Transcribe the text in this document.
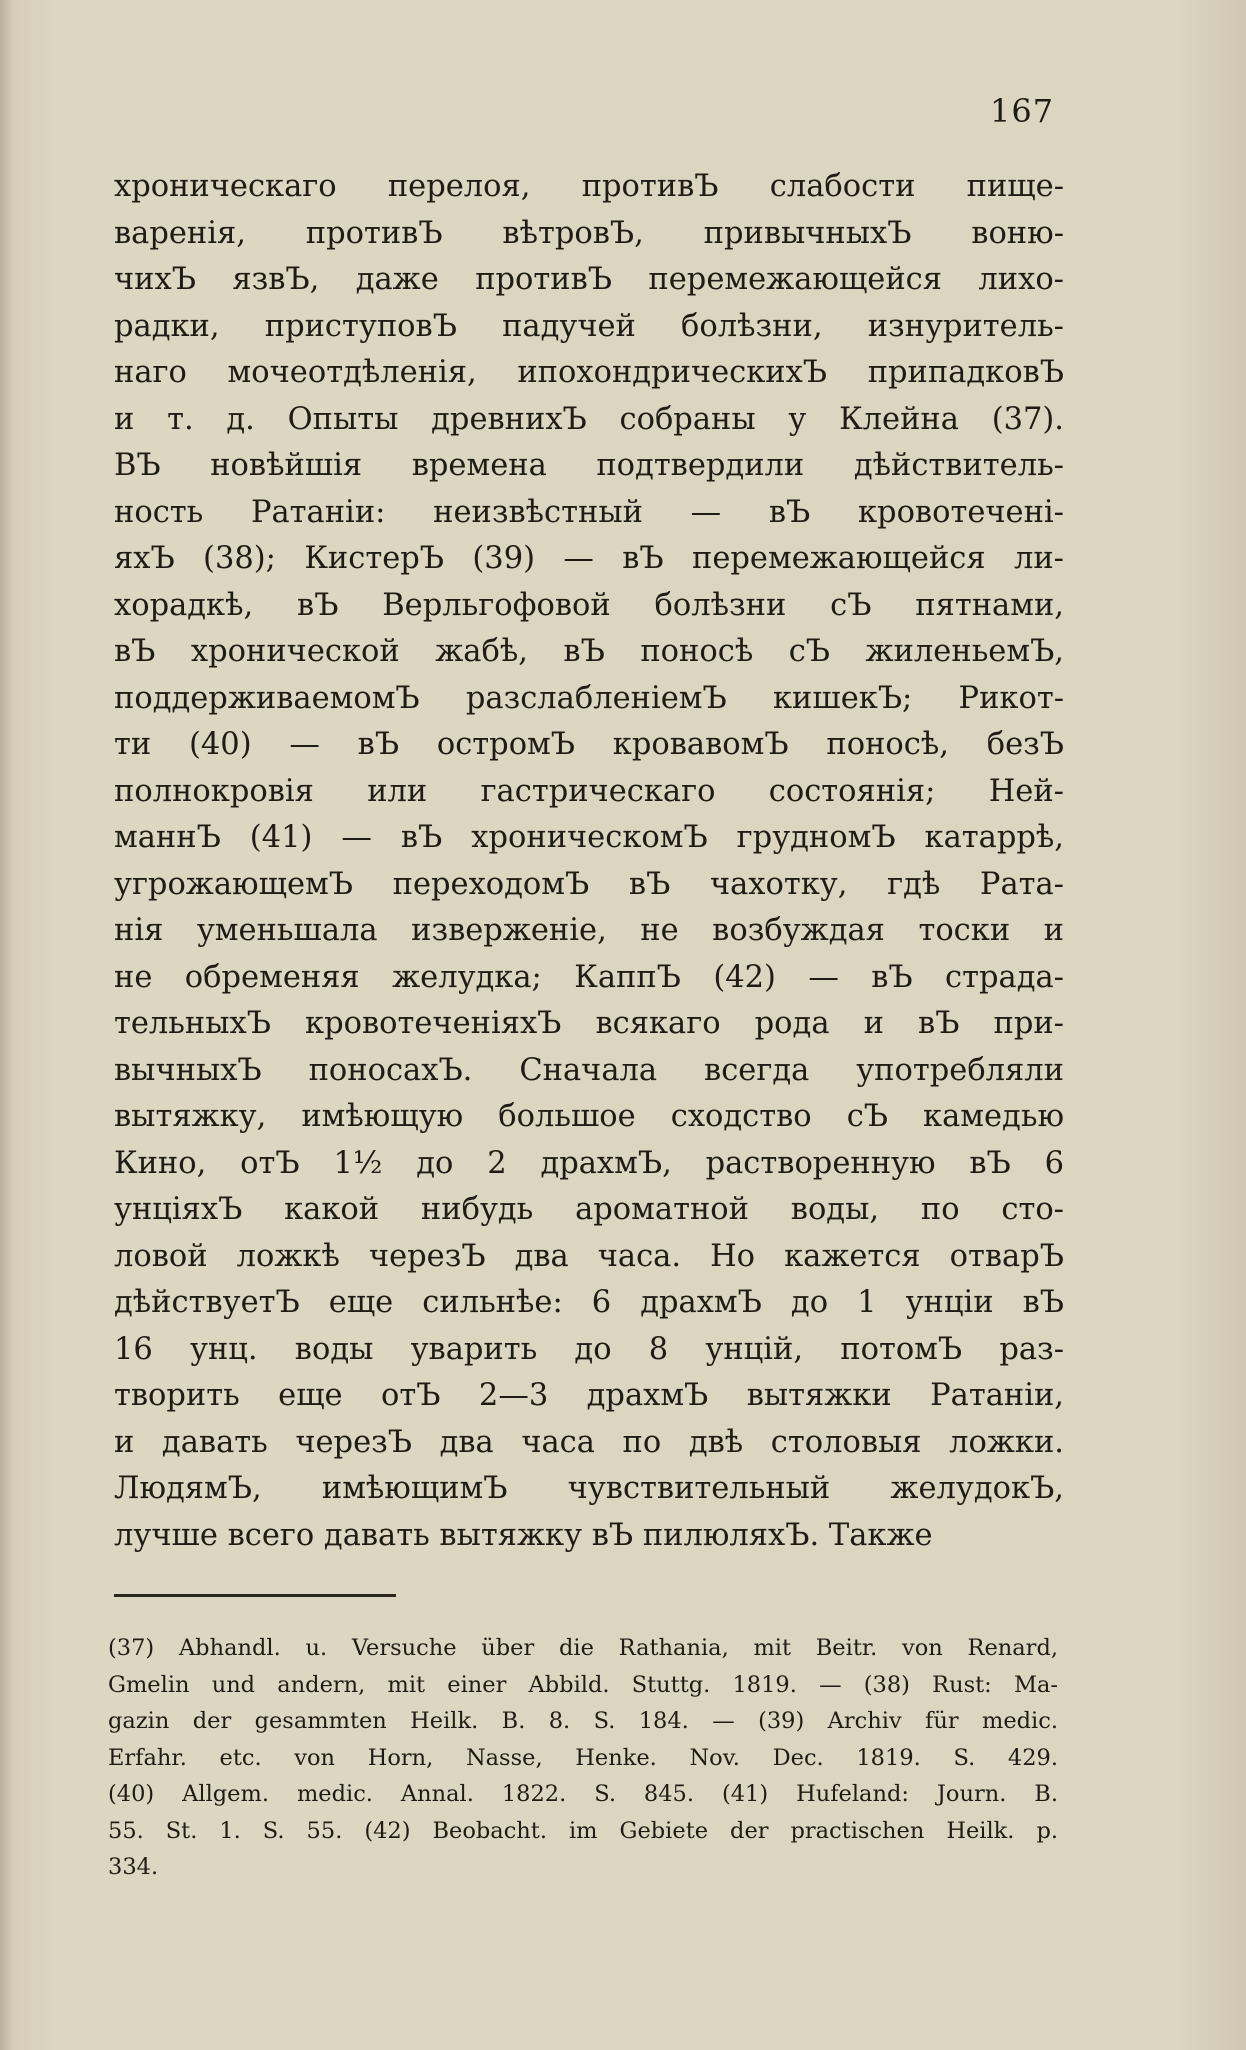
167
хроническаго перелоя, противЪ слабости пище-
варенія, противЪ вѣтровЪ, привычныхЪ воню-
чихЪ язвЪ, даже противЪ перемежающейся лихо-
радки, приступовЪ падучей болѣзни, изнуритель-
наго мочеотдѣленія, ипохондрическихЪ припадковЪ
и т. д. Опыты древнихЪ собраны у Клейна (37).
ВЪ новѣйшія времена подтвердили дѣйствитель-
ность Ратаніи: неизвѣстный — вЪ кровотечені-
яхЪ (38); КистерЪ (39) — вЪ перемежающейся ли-
хорадкѣ, вЪ Верльгофовой болѣзни сЪ пятнами,
вЪ хронической жабѣ, вЪ поносѣ сЪ жиленьемЪ,
поддерживаемомЪ разслабленіемЪ кишекЪ; Рикот-
ти (40) — вЪ остромЪ кровавомЪ поносѣ, безЪ
полнокровія или гастрическаго состоянія; Ней-
маннЪ (41) — вЪ хроническомЪ грудномЪ катаррѣ,
угрожающемЪ переходомЪ вЪ чахотку, гдѣ Рата-
нія уменьшала изверженіе, не возбуждая тоски и
не обременяя желудка; КаппЪ (42) — вЪ страда-
тельныхЪ кровотеченіяхЪ всякаго рода и вЪ при-
вычныхЪ поносахЪ. Сначала всегда употребляли
вытяжку, имѣющую большое сходство сЪ камедью
Кино, отЪ 1½ до 2 драхмЪ, растворенную вЪ 6
унціяхЪ какой нибудь ароматной воды, по сто-
ловой ложкѣ черезЪ два часа. Но кажется отварЪ
дѣйствуетЪ еще сильнѣе: 6 драхмЪ до 1 унціи вЪ
16 унц. воды уварить до 8 унцій, потомЪ раз-
творить еще отЪ 2—3 драхмЪ вытяжки Ратаніи,
и давать черезЪ два часа по двѣ столовыя ложки.
ЛюдямЪ, имѣющимЪ чувствительный желудокЪ,
лучше всего давать вытяжку вЪ пилюляхЪ. Также
(37) Abhandl. u. Versuche über die Rathania, mit Beitr. von Renard,
Gmelin und andern, mit einer Abbild. Stuttg. 1819. — (38) Rust: Ma-
gazin der gesammten Heilk. B. 8. S. 184. — (39) Archiv für medic.
Erfahr. etc. von Horn, Nasse, Henke. Nov. Dec. 1819. S. 429.
(40) Allgem. medic. Annal. 1822. S. 845. (41) Hufeland: Journ. B.
55. St. 1. S. 55. (42) Beobacht. im Gebiete der practischen Heilk. p.
334.
